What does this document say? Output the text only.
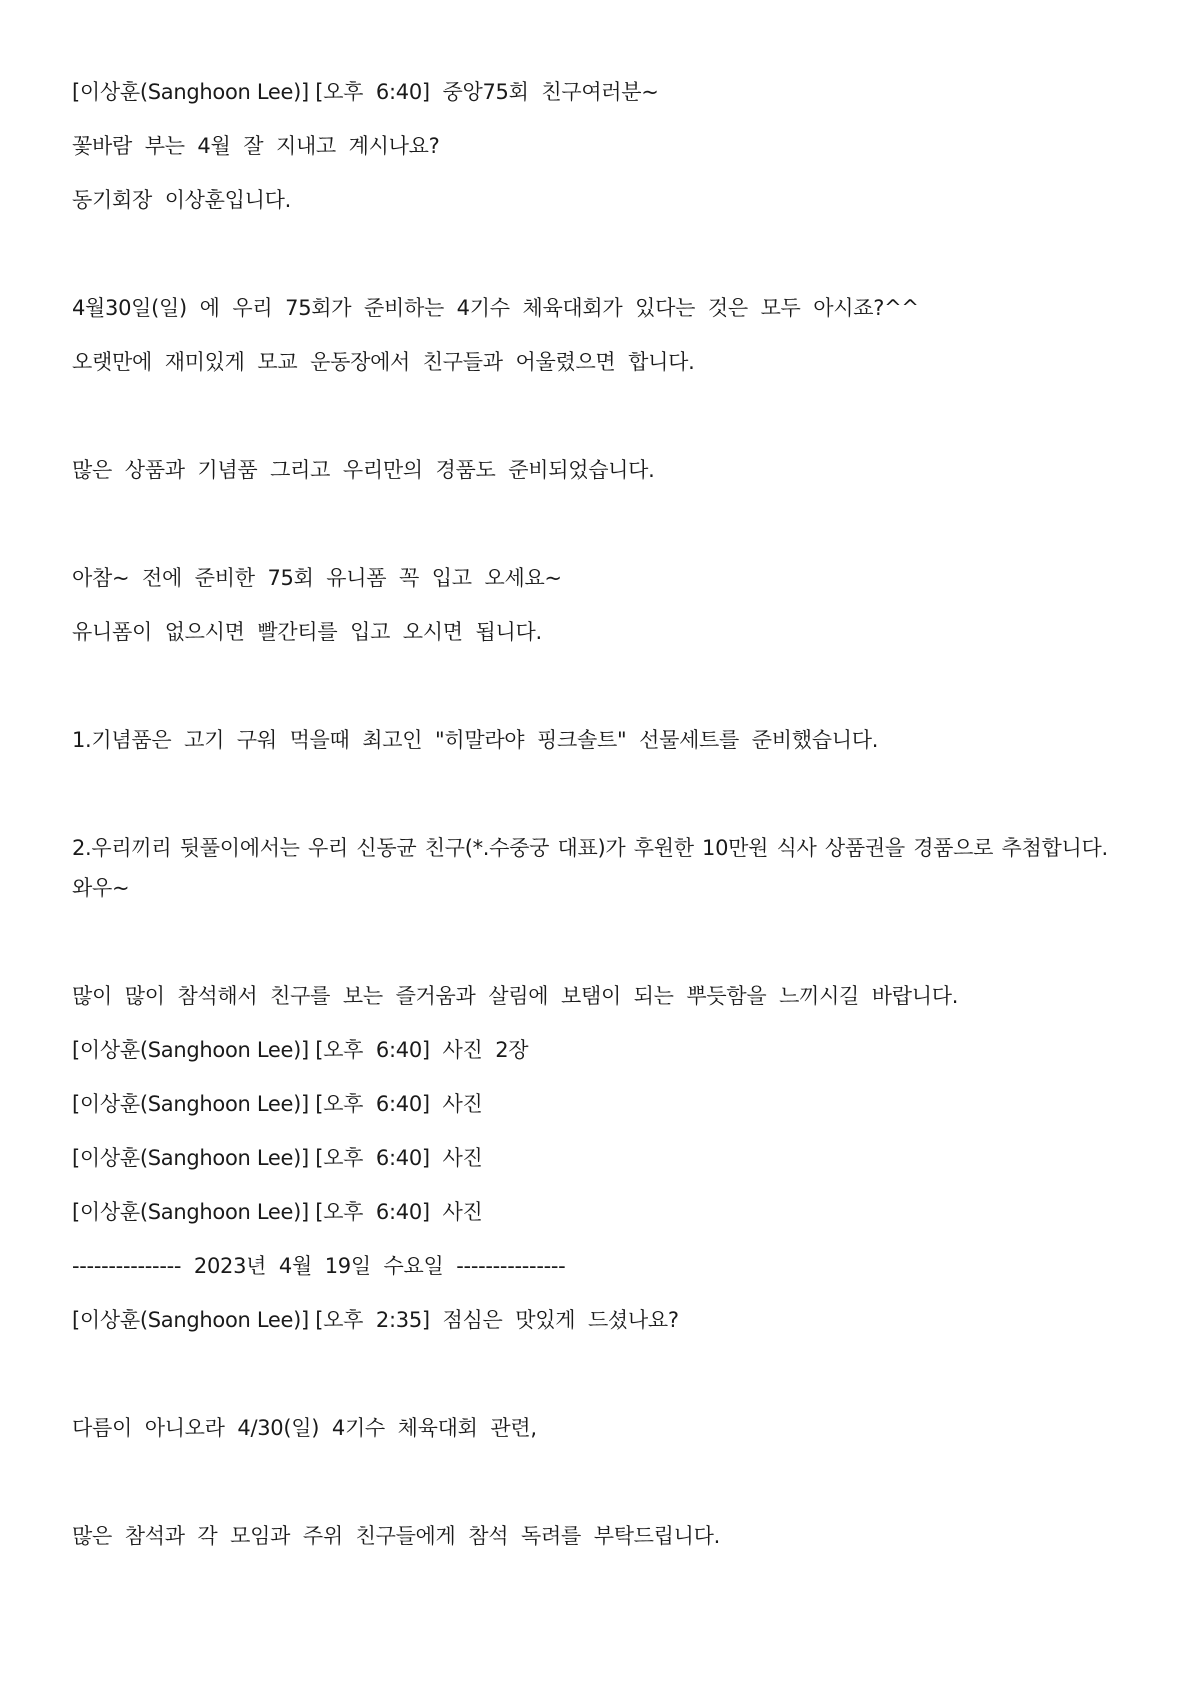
[이상훈(Sanghoon Lee)] [오후  6:40]  중앙75회  친구여러분~
꽃바람  부는  4월  잘  지내고  계시나요?
동기회장  이상훈입니다.
4월30일(일)  에  우리  75회가  준비하는  4기수  체육대회가  있다는  것은  모두  아시죠?^^
오랫만에  재미있게  모교  운동장에서  친구들과  어울렸으면  합니다.
많은  상품과  기념품  그리고  우리만의  경품도  준비되었습니다.
아참~  전에  준비한  75회  유니폼  꼭  입고  오세요~
유니폼이  없으시면  빨간티를  입고  오시면  됩니다.
1.기념품은  고기  구워  먹을때  최고인  "히말라야  핑크솔트"  선물세트를  준비했습니다.
2.우리끼리 뒷풀이에서는 우리 신동균 친구(*.수중궁 대표)가 후원한 10만원 식사 상품권을 경품으로 추첨합니다. 와우~
많이  많이  참석해서  친구를  보는  즐거움과  살림에  보탬이  되는  뿌듯함을  느끼시길  바랍니다.
[이상훈(Sanghoon Lee)] [오후  6:40]  사진  2장
[이상훈(Sanghoon Lee)] [오후  6:40]  사진
[이상훈(Sanghoon Lee)] [오후  6:40]  사진
[이상훈(Sanghoon Lee)] [오후  6:40]  사진
---------------  2023년  4월  19일  수요일  ---------------
[이상훈(Sanghoon Lee)] [오후  2:35]  점심은  맛있게  드셨나요?
다름이  아니오라  4/30(일)  4기수  체육대회  관련,
많은  참석과  각  모임과  주위  친구들에게  참석  독려를  부탁드립니다.
